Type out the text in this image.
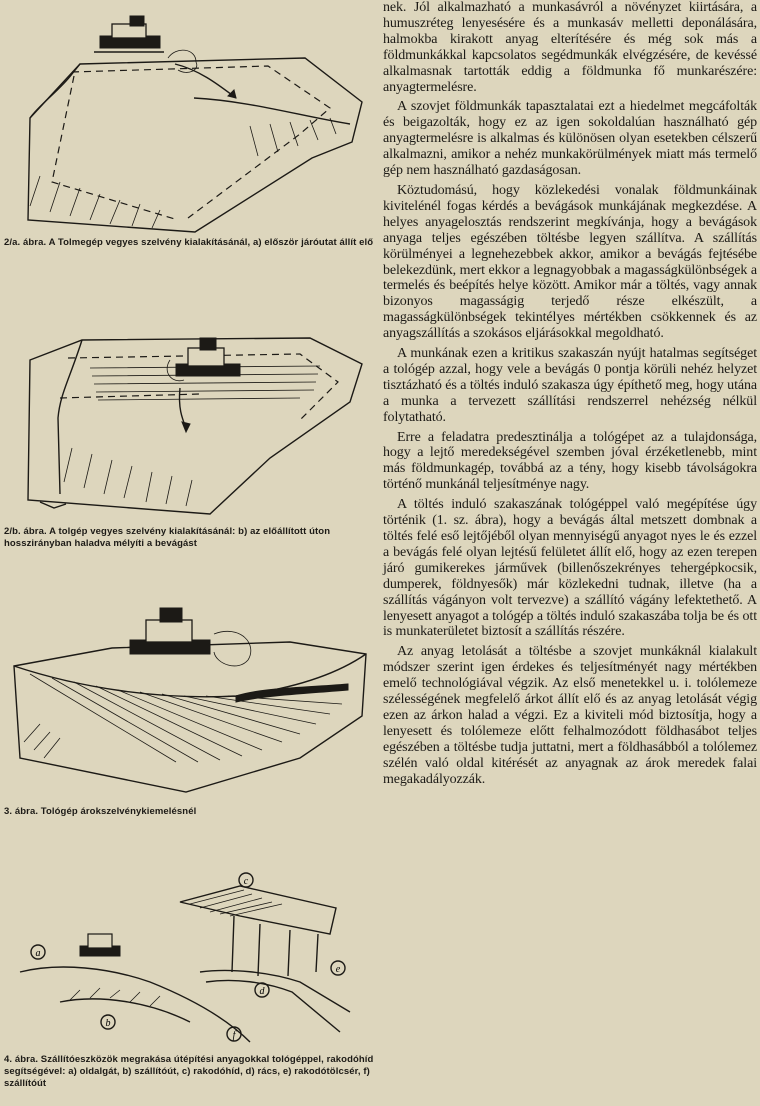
2/a. ábra. A Tolmegép vegyes szelvény kialakításánál, a) először járóutat állít elő
2/b. ábra. A tolgép vegyes szelvény kialakításánál: b) az előállított úton hosszirányban haladva mélyíti a bevágást
3. ábra. Tológép árokszelvénykiemelésnél
a
b
c
d
e
f
4. ábra. Szállítóeszközök megrakása útépítési anyagokkal tológéppel, rakodóhíd segítségével: a) oldalgát, b) szállítóút, c) rakodóhíd, d) rács, e) rakodótölcsér, f) szállítóút

nek. Jól alkalmazható a munkasávról a növényzet kiirtására, a humuszréteg lenyesésére és a munkasáv melletti deponálására, halmokba kirakott anyag elterítésére és még sok más a földmunkákkal kapcsolatos segédmunkák elvégzésére, de kevéssé alkalmasnak tartották eddig a földmunka fő munkarészére: anyagtermelésre.

A szovjet földmunkák tapasztalatai ezt a hiedelmet megcáfolták és beigazolták, hogy ez az igen sokoldalúan használható gép anyagtermelésre is alkalmas és különösen olyan esetekben célszerű alkalmazni, amikor a nehéz munkakörülmények miatt más termelő gép nem használható gazdaságosan.

Köztudomású, hogy közlekedési vonalak földmunkáinak kivitelénél fogas kérdés a bevágások munkájának megkezdése. A helyes anyagelosztás rendszerint megkívánja, hogy a bevágások anyaga teljes egészében töltésbe legyen szállítva. A szállítás körülményei a legnehezebbek akkor, amikor a bevágás fejtésébe belekezdünk, mert ekkor a legnagyobbak a magasságkülönbségek a termelés és beépítés helye között. Amikor már a töltés, vagy annak bizonyos magasságig terjedő része elkészült, a magasságkülönbségek tekintélyes mértékben csökkennek és az anyagszállítás a szokásos eljárásokkal megoldható.

A munkának ezen a kritikus szakaszán nyújt hatalmas segítséget a tológép azzal, hogy vele a bevágás 0 pontja körüli nehéz helyzet tisztázható és a töltés induló szakasza úgy építhető meg, hogy utána a munka a tervezett szállítási rendszerrel nehézség nélkül folytatható.

Erre a feladatra predesztinálja a tológépet az a tulajdonsága, hogy a lejtő meredekségével szemben jóval érzéketlenebb, mint más földmunkagép, továbbá az a tény, hogy kisebb távolságokra történő munkánál teljesítménye nagy.

A töltés induló szakaszának tológéppel való megépítése úgy történik (1. sz. ábra), hogy a bevágás által metszett dombnak a töltés felé eső lejtőjéből olyan mennyiségű anyagot nyes le és ezzel a bevágás felé olyan lejtésű felületet állít elő, hogy az ezen terepen járó gumikerekes járművek (billenőszekrényes tehergépkocsik, dumperek, földnyesők) már közlekedni tudnak, illetve (ha a szállítás vágányon volt tervezve) a szállító vágány lefektethető. A lenyesett anyagot a tológép a töltés induló szakaszába tolja be és ott is munkaterületet biztosít a szállítás részére.

Az anyag letolását a töltésbe a szovjet munkáknál kialakult módszer szerint igen érdekes és teljesítményét nagy mértékben emelő technológiával végzik. Az első menetekkel u. i. tolólemeze szélességének megfelelő árkot állít elő és az anyag letolását végig ezen az árkon halad a végzi. Ez a kiviteli mód biztosítja, hogy a lenyesett és tolólemeze előtt felhalmozódott földhasábot teljes egészében a töltésbe tudja juttatni, mert a földhasábból a tolólemez szélén való oldal kitérését az anyagnak az árok meredek falai megakadályozzák.
